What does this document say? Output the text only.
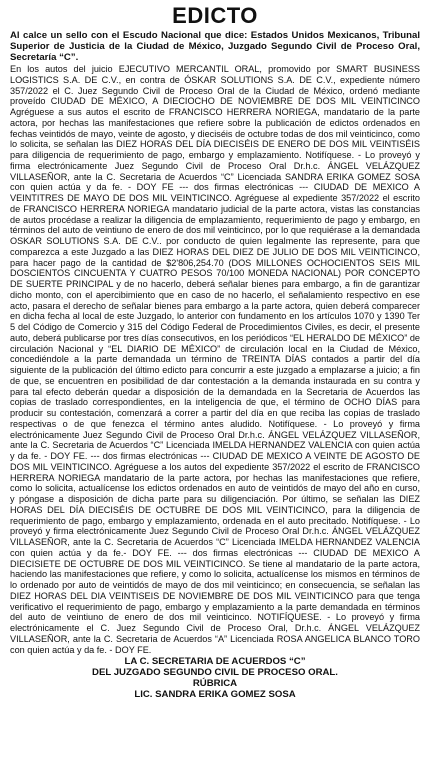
EDICTO

Al calce un sello con el Escudo Nacional que dice: Estados Unidos Mexicanos, Tribunal Superior de Justicia de la Ciudad de México, Juzgado Segundo Civil de Proceso Oral, Secretaría “C”.

En los autos del juicio EJECUTIVO MERCANTIL ORAL, promovido por SMART BUSINESS LOGISTICS S.A. DE C.V., en contra de ÓSKAR SOLUTIONS S.A. DE C.V., expediente número 357/2022 el C. Juez Segundo Civil de Proceso Oral de la Ciudad de México, ordenó mediante proveído CIUDAD DE MÉXICO, A DIECIOCHO DE NOVIEMBRE DE DOS MIL VEINTICINCO Agréguese a sus autos el escrito de FRANCISCO HERRERA NORIEGA, mandatario de la parte actora, por hechas las manifestaciones que refiere sobre la publicación de edictos ordenados en fechas veintidós de mayo, veinte de agosto, y dieciséis de octubre todas de dos mil veinticinco, como lo solicita, se señalan las DIEZ HORAS DEL DÍA DIECISÉIS DE ENERO DE DOS MIL VEINTISÉIS para diligencia de requerimiento de pago, embargo y emplazamiento. Notifíquese. - Lo proveyó y firma electrónicamente Juez Segundo Civil de Proceso Oral Dr.h.c. ÁNGEL VELÁZQUEZ VILLASEÑOR, ante la C. Secretaria de Acuerdos “C” Licenciada SANDRA ERIKA GOMEZ SOSA con quien actúa y da fe. - DOY FE --- dos firmas electrónicas --- CIUDAD DE MEXICO A VEINTITRES DE MAYO DE DOS MIL VEINTICINCO. Agréguese al expediente 357/2022 el escrito de FRANCISCO HERRERA NORIEGA mandatario judicial de la parte actora, vistas las constancias de autos procédase a realizar la diligencia de emplazamiento, requerimiento de pago y embargo, en términos del auto de veintiuno de enero de dos mil veinticinco, por lo que requiérase a la demandada OSKAR SOLUTIONS S.A. DE C.V.. por conducto de quien legalmente las represente, para que comparezca a este Juzgado a las DIEZ HORAS DEL DIEZ DE JULIO DE DOS MIL VEINTICINCO, para hacer pago de la cantidad de $2'806,254.70 (DOS MILLONES OCHOCIENTOS SEIS MIL DOSCIENTOS CINCUENTA Y CUATRO PESOS 70/100 MONEDA NACIONAL) POR CONCEPTO DE SUERTE PRINCIPAL y de no hacerlo, deberá señalar bienes para embargo, a fin de garantizar dicho monto, con el apercibimiento que en caso de no hacerlo, el señalamiento respectivo en ese acto, pasara el derecho de señalar bienes para embargo a la parte actora, quien deberá comparecer en dicha fecha al local de este Juzgado, lo anterior con fundamento en los artículos 1070 y 1390 Ter 5 del Código de Comercio y 315 del Código Federal de Procedimientos Civiles, es decir, el presente auto, deberá publicarse por tres días consecutivos, en los periódicos “EL HERALDO DE MÉXICO” de circulación Nacional y “EL DIARIO DE MÉXICO” de circulación local en la Ciudad de México, concediéndole a la parte demandada un término de TREINTA DÍAS contados a partir del día siguiente de la publicación del último edicto para concurrir a este juzgado a emplazarse a juicio; a fin de que, se encuentren en posibilidad de dar contestación a la demanda instaurada en su contra y para tal efecto deberán quedar a disposición de la demandada en la Secretaria de Acuerdos las copias de traslado correspondientes, en la inteligencia de que, el término de OCHO DÍAS para producir su contestación, comenzará a correr a partir del día en que reciba las copias de traslado respectivas o de que fenezca el término antes aludido. Notifíquese. - Lo proveyó y firma electrónicamente Juez Segundo Civil de Proceso Oral Dr.h.c. ÁNGEL VELÁZQUEZ VILLASEÑOR, ante la C. Secretaria de Acuerdos “C” Licenciada IMELDA HERNANDEZ VALENCIA con quien actúa y da fe. - DOY FE. --- dos firmas electrónicas --- CIUDAD DE MEXICO A VEINTE DE AGOSTO DE DOS MIL VEINTICINCO. Agréguese a los autos del expediente 357/2022 el escrito de FRANCISCO HERRERA NORIEGA mandatario de la parte actora, por hechas las manifestaciones que refiere, como lo solicita, actualícense los edictos ordenados en auto de veintidós de mayo del año en curso, y póngase a disposición de dicha parte para su diligenciación. Por último, se señalan las DIEZ HORAS DEL DÍA DIECISÉIS DE OCTUBRE DE DOS MIL VEINTICINCO, para la diligencia de requerimiento de pago, embargo y emplazamiento, ordenada en el auto precitado. Notifíquese. - Lo proveyó y firma electrónicamente Juez Segundo Civil de Proceso Oral Dr.h.c. ÁNGEL VELÁZQUEZ VILLASEÑOR, ante la C. Secretaria de Acuerdos “C” Licenciada IMELDA HERNANDEZ VALENCIA con quien actúa y da fe.- DOY FE. --- dos firmas electrónicas --- CIUDAD DE MEXICO A DIECISIETE DE OCTUBRE DE DOS MIL VEINTICINCO. Se tiene al mandatario de la parte actora, haciendo las manifestaciones que refiere, y como lo solicita, actualícense los mismos en términos de lo ordenado por auto de veintidós de mayo de dos mil veinticinco; en consecuencia, se señalan las DIEZ HORAS DEL DIA VEINTISEIS DE NOVIEMBRE DE DOS MIL VEINTICINCO para que tenga verificativo el requerimiento de pago, embargo y emplazamiento a la parte demandada en términos del auto de veintiuno de enero de dos mil veinticinco. NOTIFÍQUESE. - Lo proveyó y firma electrónicamente el C. Juez Segundo Civil de Proceso Oral, Dr.h.c. ÁNGEL VELÁZQUEZ VILLASEÑOR, ante la C. Secretaria de Acuerdos “A” Licenciada ROSA ANGELICA BLANCO TORO con quien actúa y da fe. - DOY FE.

LA C. SECRETARIA DE ACUERDOS “C”

DEL JUZGADO SEGUNDO CIVIL DE PROCESO ORAL.

RÚBRICA

LIC. SANDRA ERIKA GOMEZ SOSA
